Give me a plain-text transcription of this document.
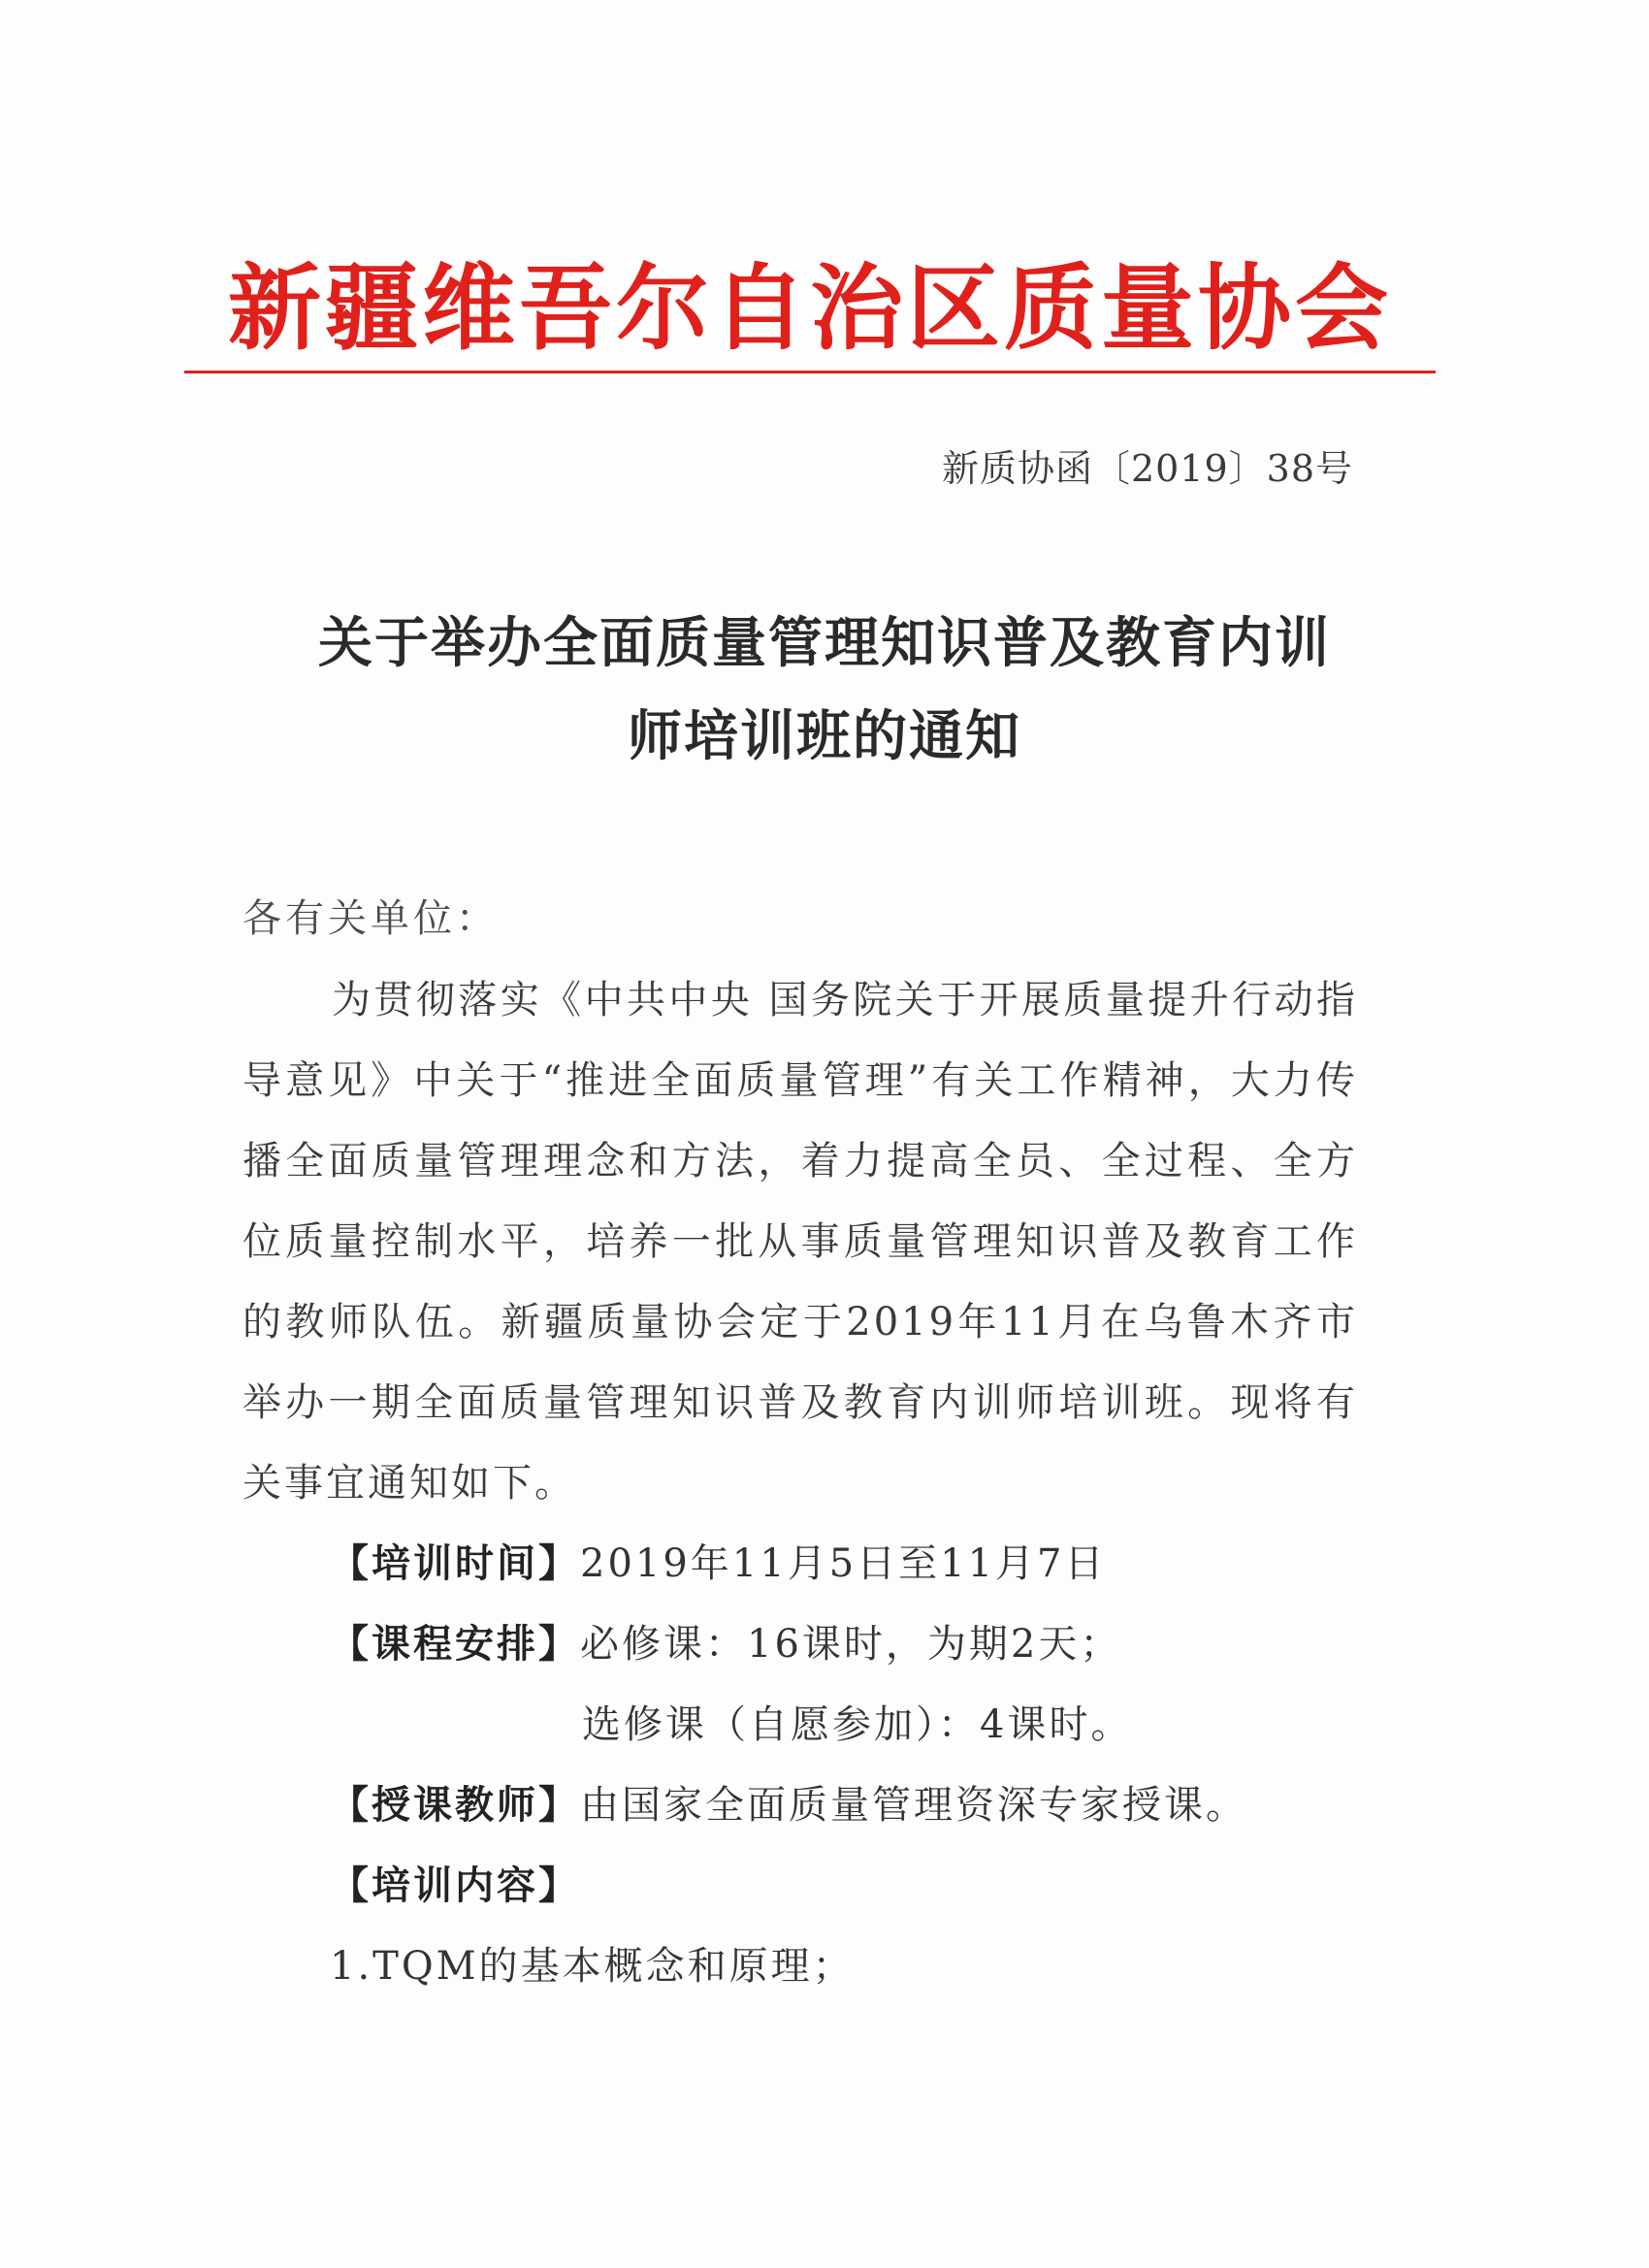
新疆维吾尔自治区质量协会
新质协函〔2019〕38号
关于举办全面质量管理知识普及教育内训
师培训班的通知
各有关单位：
为贯彻落实《中共中央 国务院关于开展质量提升行动指导意见》中关于“推进全面质量管理”有关工作精神，大力传播全面质量管理理念和方法，着力提高全员、全过程、全方位质量控制水平，培养一批从事质量管理知识普及教育工作的教师队伍。新疆质量协会定于2019年11月在乌鲁木齐市举办一期全面质量管理知识普及教育内训师培训班。现将有关事宜通知如下。
【培训时间】2019年11月5日至11月7日
【课程安排】必修课：16课时，为期2天；
选修课（自愿参加）：4课时。
【授课教师】由国家全面质量管理资深专家授课。
【培训内容】
1.TQM的基本概念和原理；
